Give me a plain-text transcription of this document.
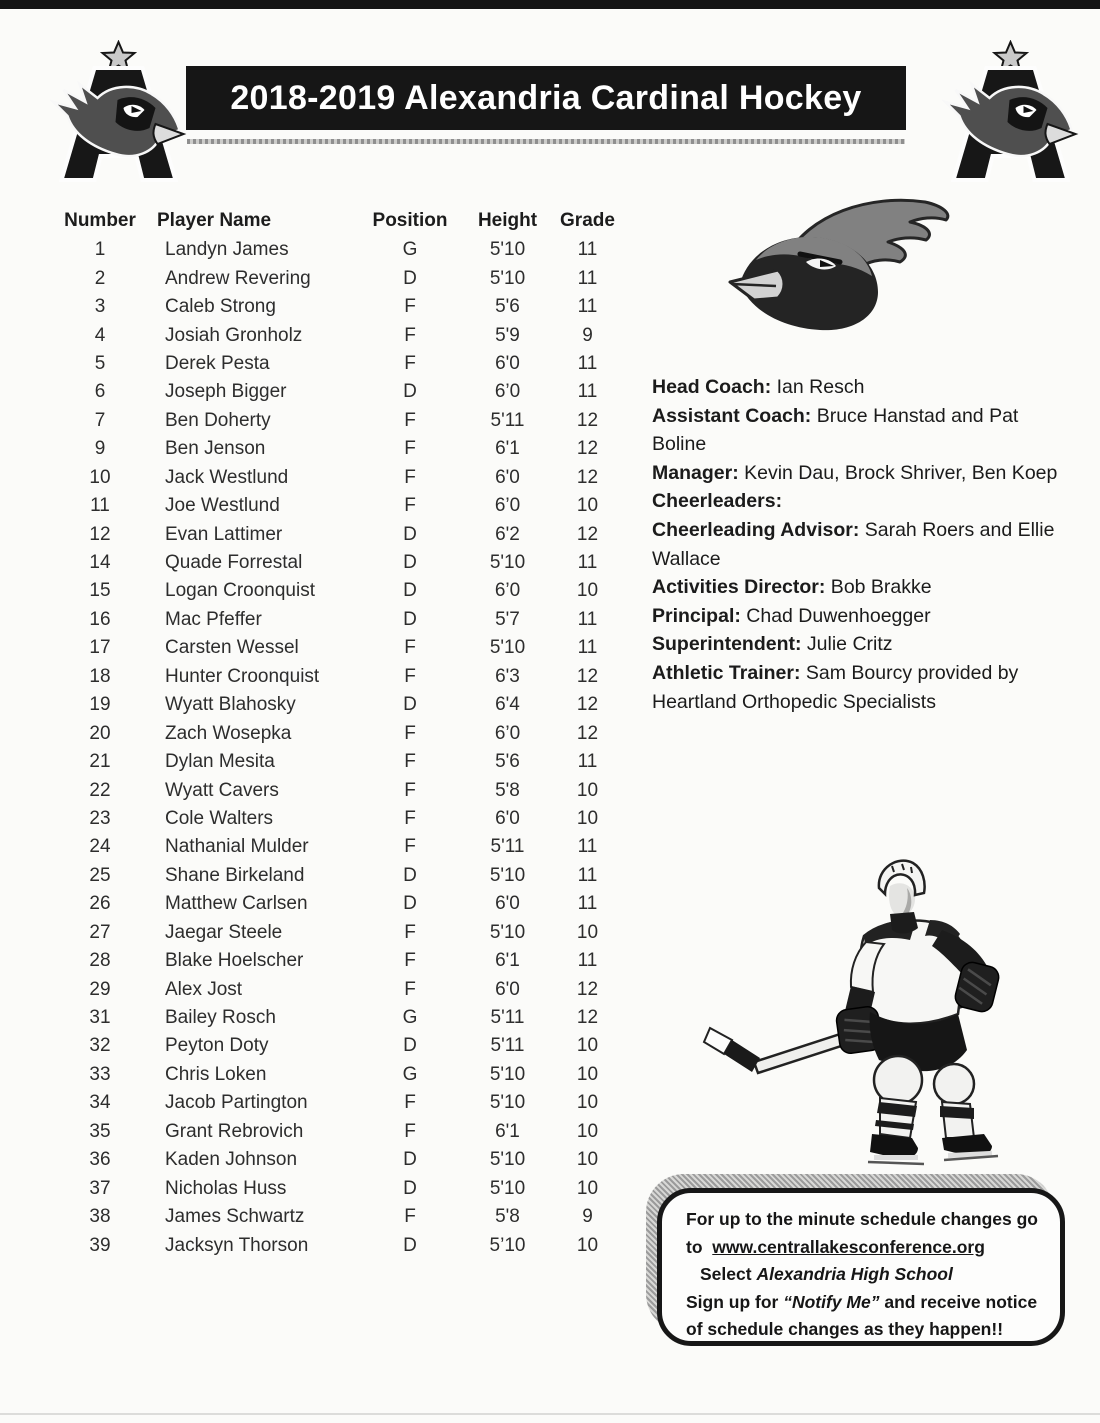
2018-2019 Alexandria Cardinal Hockey
Number	Player Name	Position	Height	Grade
1	Landyn James	G	5'10	11
2	Andrew Revering	D	5'10	11
3	Caleb Strong	F	5'6	11
4	Josiah Gronholz	F	5'9	9
5	Derek Pesta	F	6'0	11
6	Joseph Bigger	D	6’0	11
7	Ben Doherty	F	5'11	12
9	Ben Jenson	F	6'1	12
10	Jack Westlund	F	6'0	12
11	Joe Westlund	F	6’0	10
12	Evan Lattimer	D	6'2	12
14	Quade Forrestal	D	5'10	11
15	Logan Croonquist	D	6’0	10
16	Mac Pfeffer	D	5'7	11
17	Carsten Wessel	F	5'10	11
18	Hunter Croonquist	F	6'3	12
19	Wyatt Blahosky	D	6'4	12
20	Zach Wosepka	F	6’0	12
21	Dylan Mesita	F	5'6	11
22	Wyatt Cavers	F	5'8	10
23	Cole Walters	F	6'0	10
24	Nathanial Mulder	F	5'11	11
25	Shane Birkeland	D	5'10	11
26	Matthew Carlsen	D	6'0	11
27	Jaegar Steele	F	5'10	10
28	Blake Hoelscher	F	6'1	11
29	Alex Jost	F	6'0	12
31	Bailey Rosch	G	5'11	12
32	Peyton Doty	D	5'11	10
33	Chris Loken	G	5'10	10
34	Jacob Partington	F	5'10	10
35	Grant Rebrovich	F	6'1	10
36	Kaden Johnson	D	5'10	10
37	Nicholas Huss	D	5'10	10
38	James Schwartz	F	5'8	9
39	Jacksyn Thorson	D	5’10	10
Head Coach: Ian Resch
Assistant Coach: Bruce Hanstad and Pat Boline
Manager: Kevin Dau, Brock Shriver, Ben Koep
Cheerleaders:
Cheerleading Advisor: Sarah Roers and Ellie Wallace
Activities Director: Bob Brakke
Principal: Chad Duwenhoegger
Superintendent: Julie Critz
Athletic Trainer: Sam Bourcy provided by Heartland Orthopedic Specialists
For up to the minute schedule changes go
to www.centrallakesconference.org
Select Alexandria High School
Sign up for “Notify Me” and receive notice
of schedule changes as they happen!!
